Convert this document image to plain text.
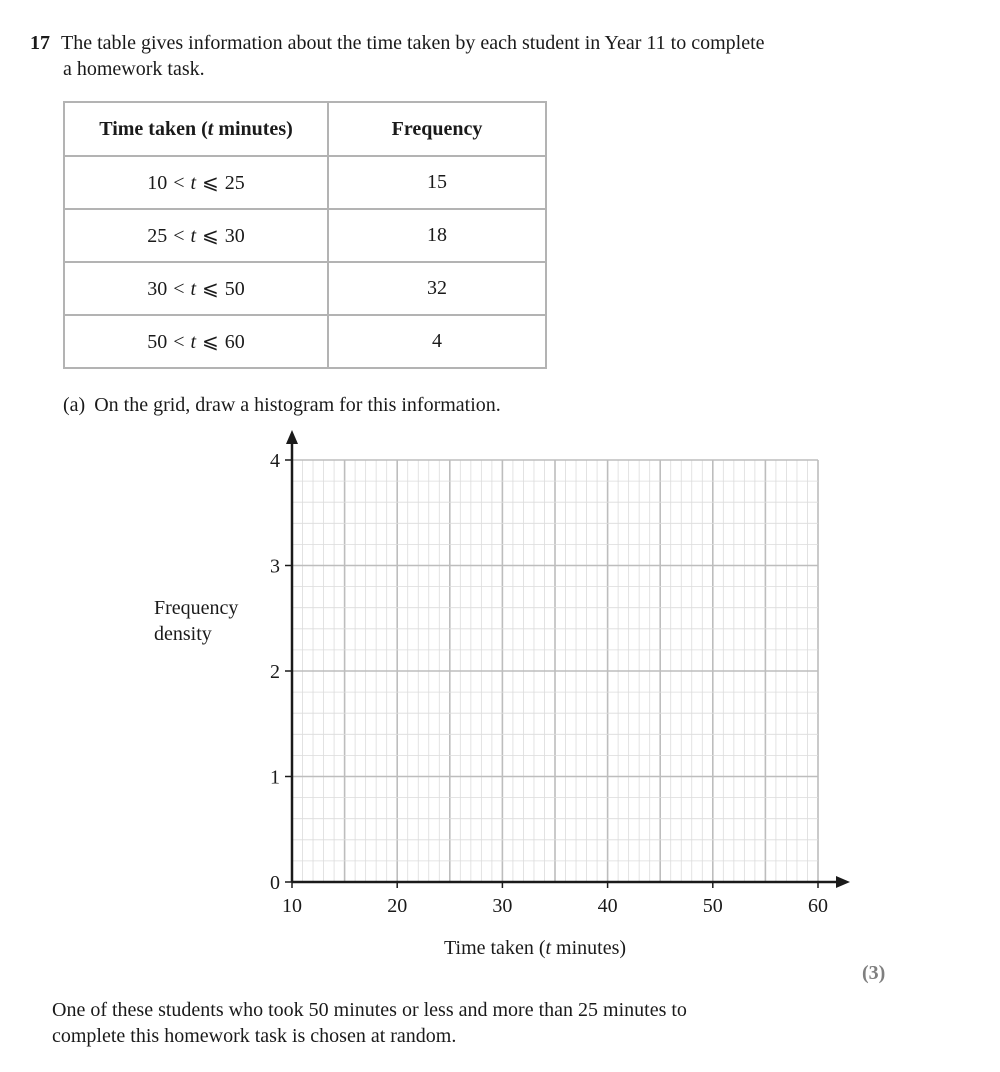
17 The table gives information about the time taken by each student in Year 11 to complete
a homework task.
Time taken (t minutes)	Frequency
10 < t ⩽ 25	15
25 < t ⩽ 30	18
30 < t ⩽ 50	32
50 < t ⩽ 60	4
(a) On the grid, draw a histogram for this information.
10	20	30	40	50	60
0
1
2
3
4
Frequency
density
Time taken (t minutes)
(3)
One of these students who took 50 minutes or less and more than 25 minutes to
complete this homework task is chosen at random.
